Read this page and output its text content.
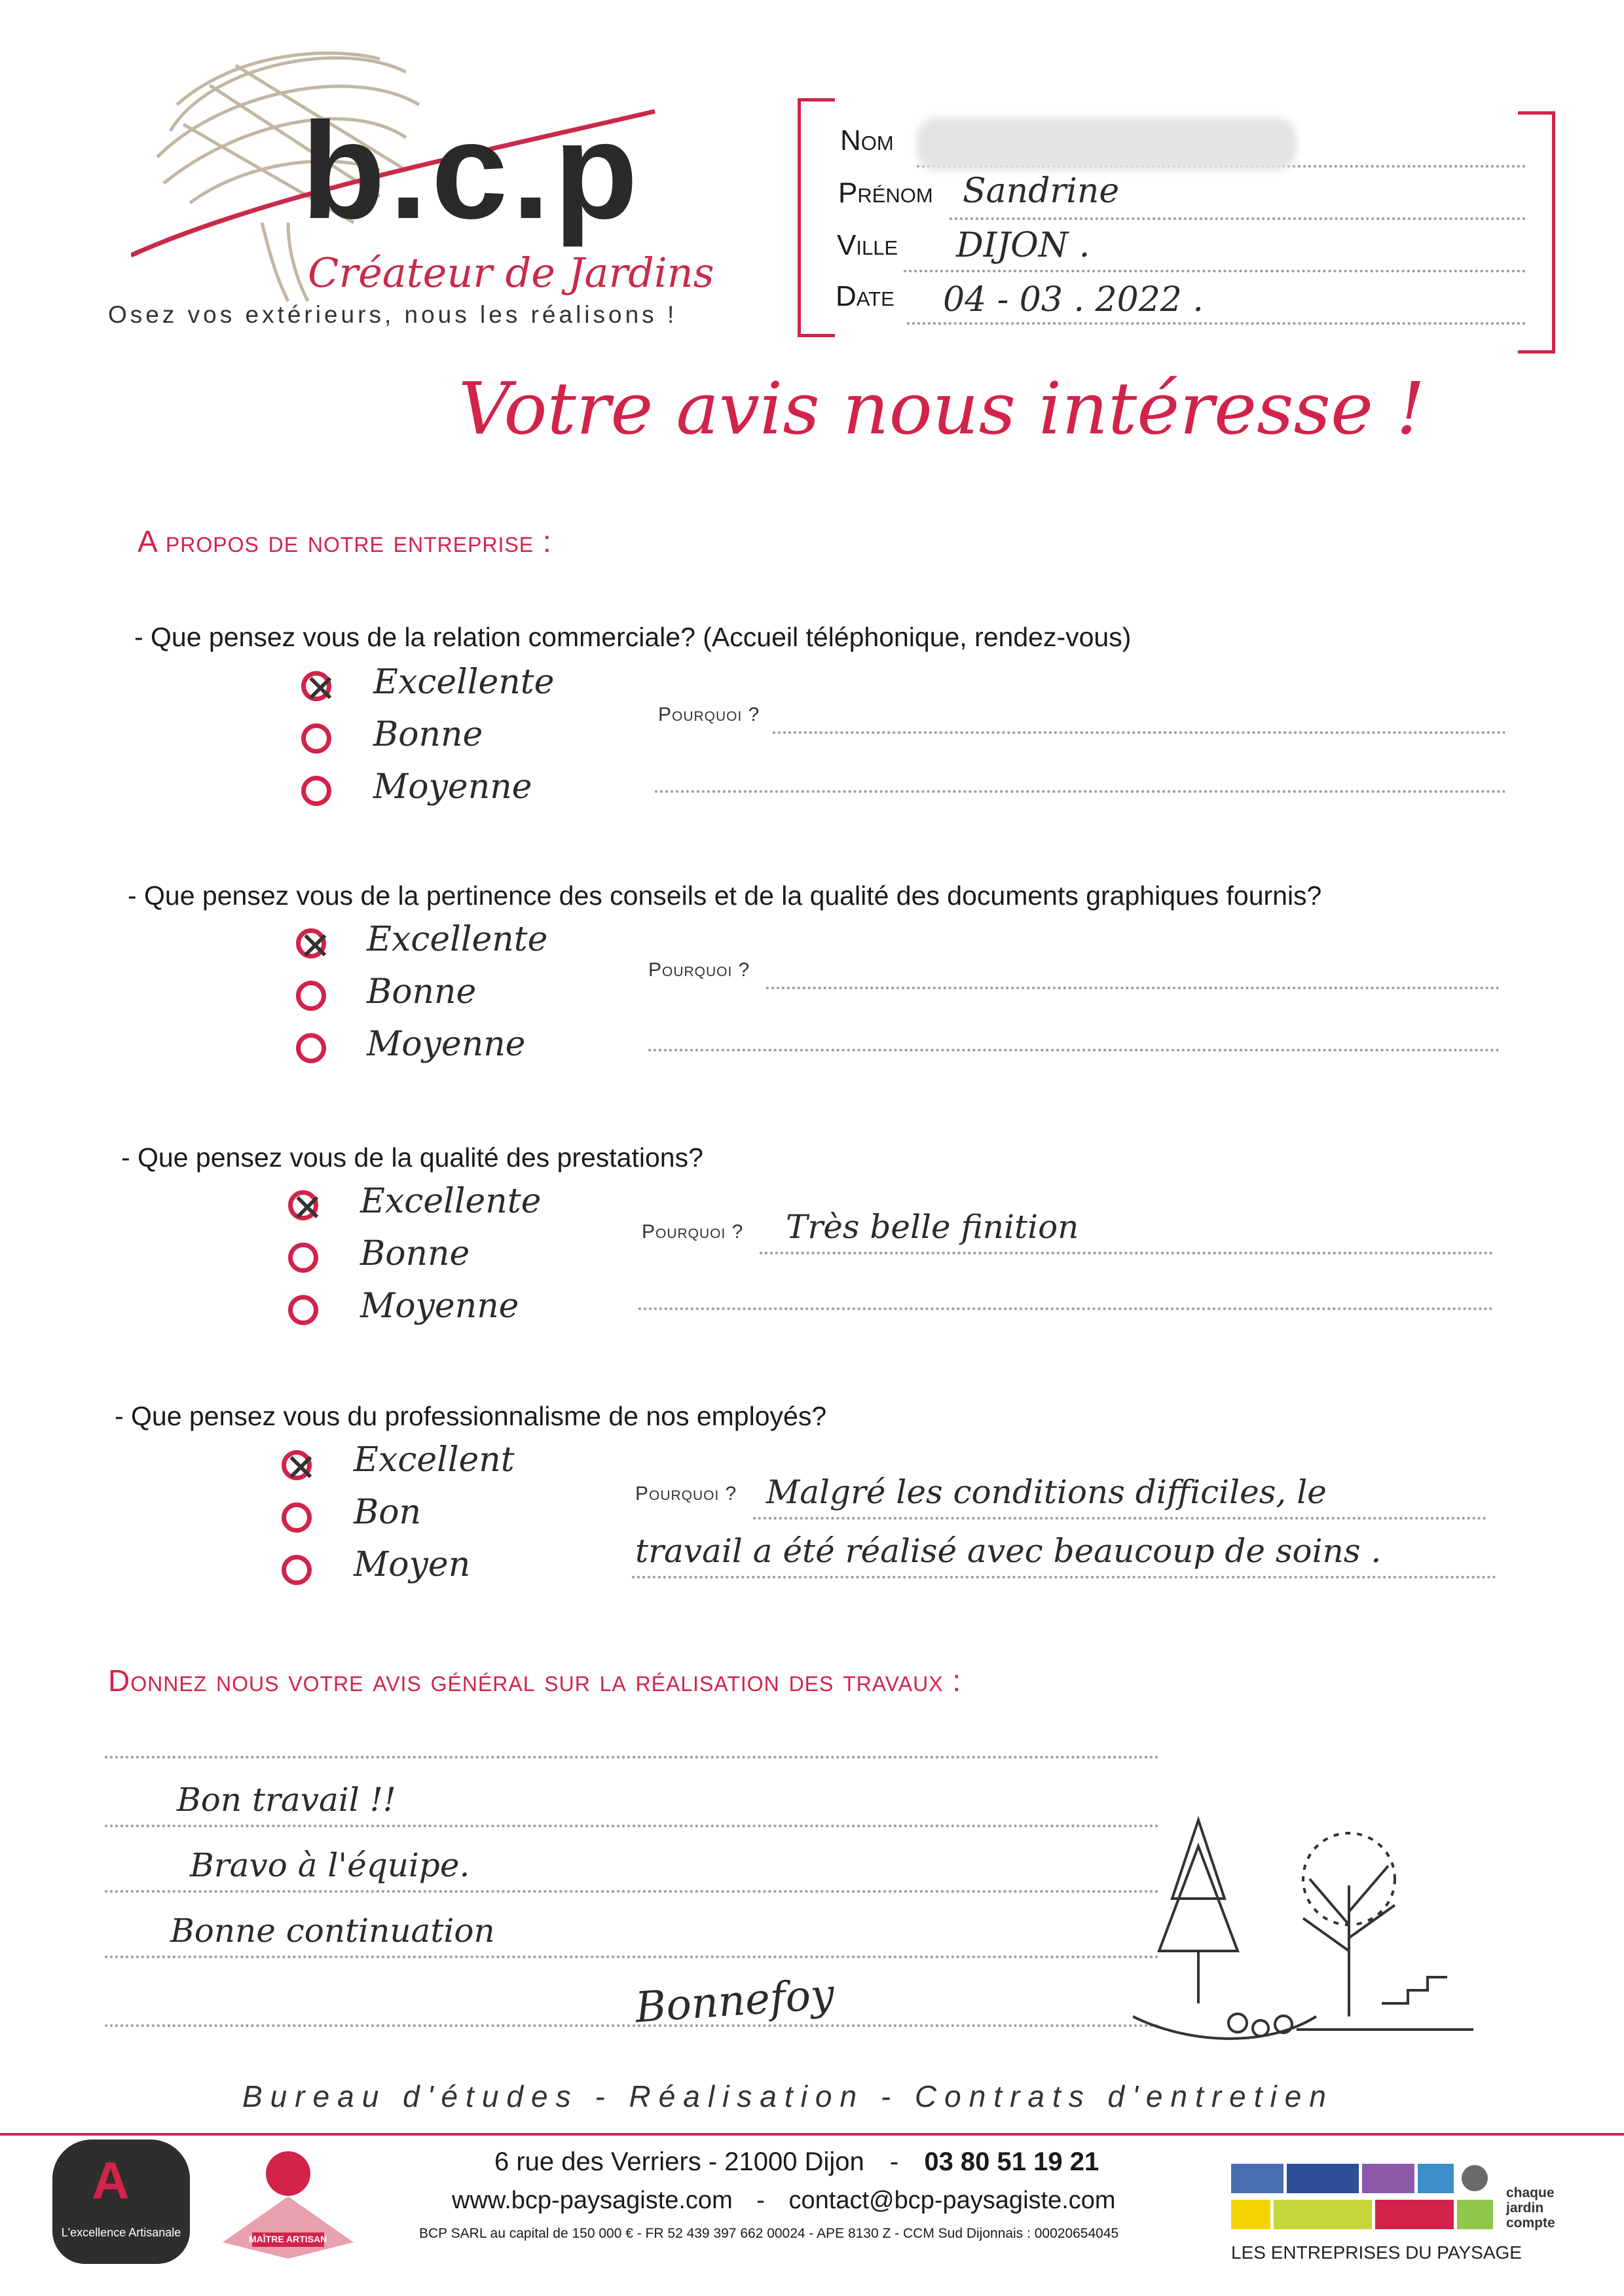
b.c.p
Créateur de Jardins
Osez vos extérieurs, nous les réalisons !
Nom
Prénom Sandrine
Ville DIJON .
Date 04 - 03 . 2022 .
Votre avis nous intéresse !
A propos de notre entreprise :
- Que pensez vous de la relation commerciale? (Accueil téléphonique, rendez-vous)
✕
Excellente
Bonne
Moyenne
Pourquoi ?
- Que pensez vous de la pertinence des conseils et de la qualité des documents graphiques fournis?
✕
Excellente
Bonne
Moyenne
Pourquoi ?
- Que pensez vous de la qualité des prestations?
✕
Excellente
Bonne
Moyenne
Pourquoi ? Très belle finition
- Que pensez vous du professionnalisme de nos employés?
✕
Excellent
Bon
Moyen
Pourquoi ? Malgré les conditions difficiles, le
travail a été réalisé avec beaucoup de soins .
Donnez nous votre avis général sur la réalisation des travaux :
Bon travail !!
Bravo à l'équipe.
Bonne continuation
Bonnefoy
Bureau d'études - Réalisation - Contrats d'entretien
A
L'excellence Artisanale	MAÎTRE ARTISAN
6 rue des Verriers - 21000 Dijon - 03 80 51 19 21
www.bcp-paysagiste.com - contact@bcp-paysagiste.com
BCP SARL au capital de 150 000 € - FR 52 439 397 662 00024 - APE 8130 Z - CCM Sud Dijonnais : 00020654045
LES ENTREPRISES DU PAYSAGE
chaque jardin compte
